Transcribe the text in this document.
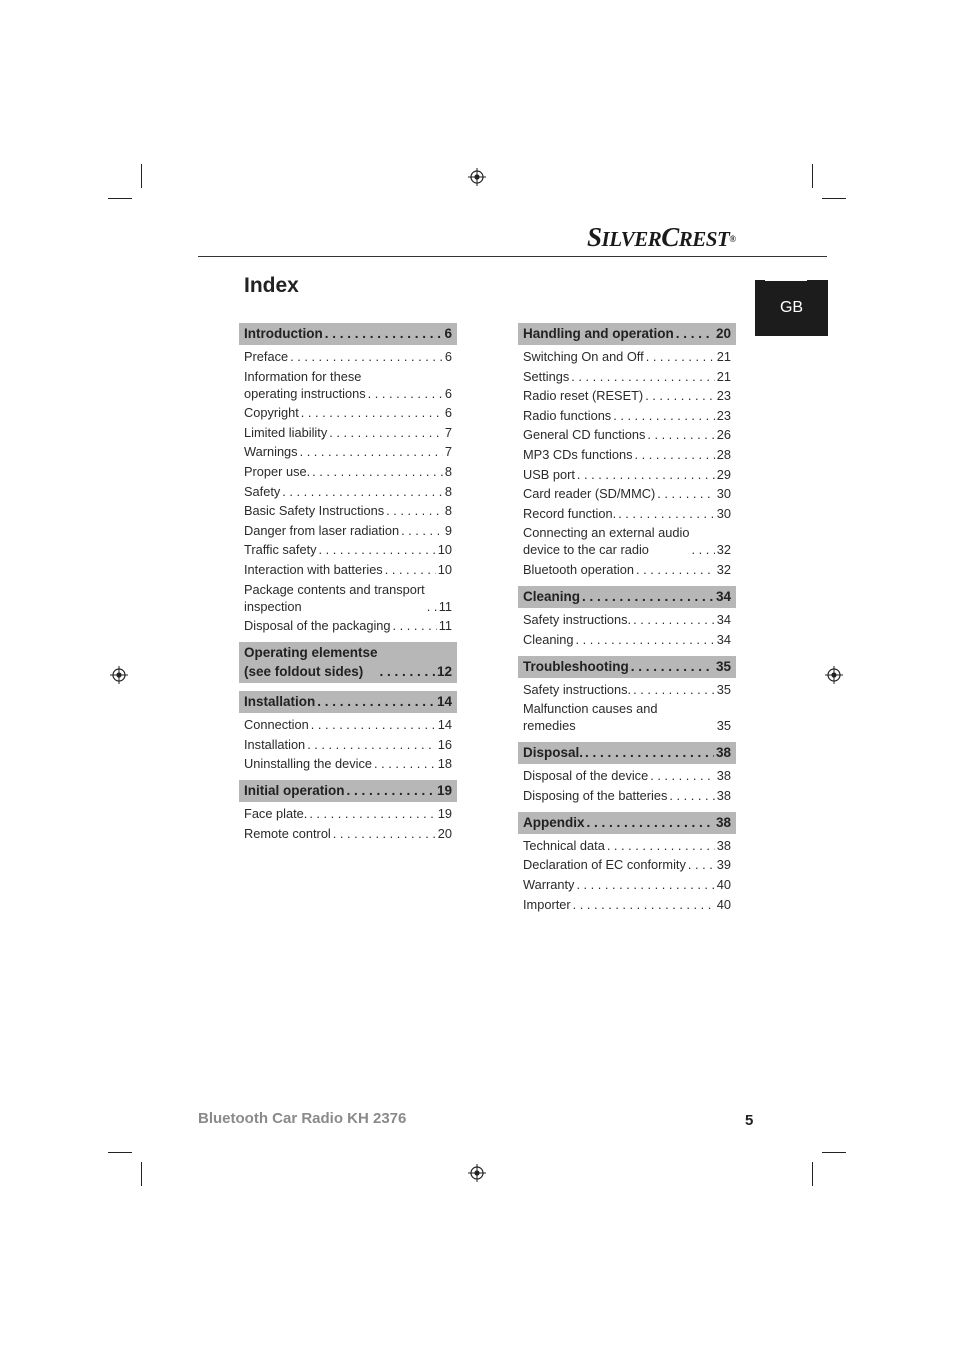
SILVERCREST®
GB
Index
Introduction . . .	6
Preface . . .	6
Information for these
operating instructions . . .	6
Copyright . . .	6
Limited liability . . .	7
Warnings . . .	7
Proper use. . . .	8
Safety . . .	8
Basic Safety Instructions . . .	8
Danger from laser radiation . . .	9
Traffic safety . . .	10
Interaction with batteries . . .	10
Package contents and transport
inspection . . .	11
Disposal of the packaging . . .	11
Operating elementse
(see foldout sides) . . .	12
Installation . . .	14
Connection . . .	14
Installation . . .	16
Uninstalling the device . . .	18
Initial operation . . .	19
Face plate. . . .	19
Remote control . . .	20
Handling and operation . . .	20
Switching On and Off . . .	21
Settings . . .	21
Radio reset (RESET) . . .	23
Radio functions . . .	23
General CD functions . . .	26
MP3 CDs functions . . .	28
USB port . . .	29
Card reader (SD/MMC) . . .	30
Record function. . . .	30
Connecting an external audio
device to the car radio . . .	32
Bluetooth operation . . .	32
Cleaning . . .	34
Safety instructions. . . .	34
Cleaning . . .	34
Troubleshooting . . .	35
Safety instructions. . . .	35
Malfunction causes and remedies	35
Disposal. . . .	38
Disposal of the device . . .	38
Disposing of the batteries . . .	38
Appendix . . .	38
Technical data . . .	38
Declaration of EC conformity . . . 39
Warranty . . .	40
Importer . . .	40
Bluetooth Car Radio KH 2376	5
